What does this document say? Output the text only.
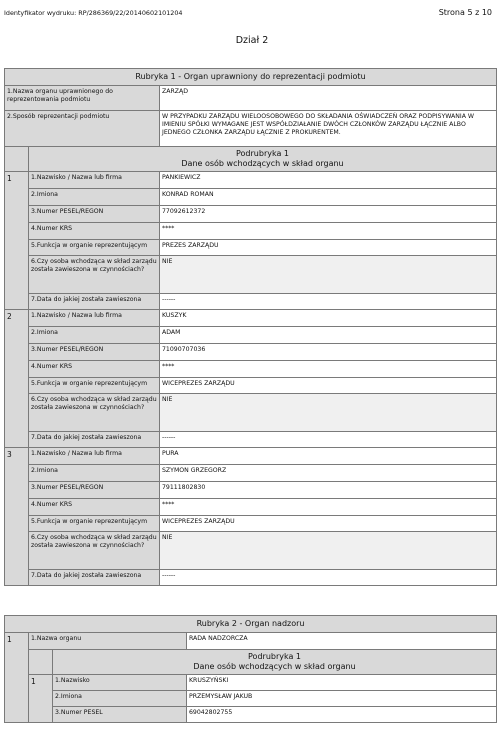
Identyfikator wydruku: RP/286369/22/20140602101204	Strona 5 z 10
Dział 2
Rubryka 1 - Organ uprawniony do reprezentacji podmiotu		
1.Nazwa organu uprawnionego do reprezentowania podmiotu		ZARZĄD
2.Sposób reprezentacji podmiotu		W PRZYPADKU ZARZĄDU WIELOOSOBOWEGO DO SKŁADANIA OŚWIADCZEŃ ORAZ PODPISYWANIA W IMIENIU SPÓŁKI WYMAGANE JEST WSPÓŁDZIAŁANIE DWÓCH CZŁONKÓW ZARZĄDU ŁĄCZNIE ALBO JEDNEGO CZŁONKA ZARZĄDU ŁĄCZNIE Z PROKURENTEM.

	Podrubryka 1
Dane osób wchodzących w skład organu	

1	1.Nazwisko / Nazwa lub firma	PANKIEWICZ
	2.Imiona	KONRAD ROMAN
	3.Numer PESEL/REGON	77092612372
	4.Numer KRS	****
	5.Funkcja w organie reprezentującym	PREZES ZARZĄDU
	6.Czy osoba wchodząca w skład zarządu została zawieszona w czynnościach?	NIE
	7.Data do jakiej została zawieszona	------
2	1.Nazwisko / Nazwa lub firma	KUSZYK
	2.Imiona	ADAM
	3.Numer PESEL/REGON	71090707036
	4.Numer KRS	****
	5.Funkcja w organie reprezentującym	WICEPREZES ZARZĄDU
	6.Czy osoba wchodząca w skład zarządu została zawieszona w czynnościach?	NIE
	7.Data do jakiej została zawieszona	------
3	1.Nazwisko / Nazwa lub firma	PURA
	2.Imiona	SZYMON GRZEGORZ
	3.Numer PESEL/REGON	79111802830
	4.Numer KRS	****
	5.Funkcja w organie reprezentującym	WICEPREZES ZARZĄDU
	6.Czy osoba wchodząca w skład zarządu została zawieszona w czynnościach?	NIE
	7.Data do jakiej została zawieszona	------
Rubryka 2 - Organ nadzoru			
1	1.Nazwa organu		RADA NADZORCZA

		Podrubryka 1
Dane osób wchodzących w skład organu	

	1	1.Nazwisko	KRUSZYŃSKI
		2.Imiona	PRZEMYSŁAW JAKUB
		3.Numer PESEL	69042802755
